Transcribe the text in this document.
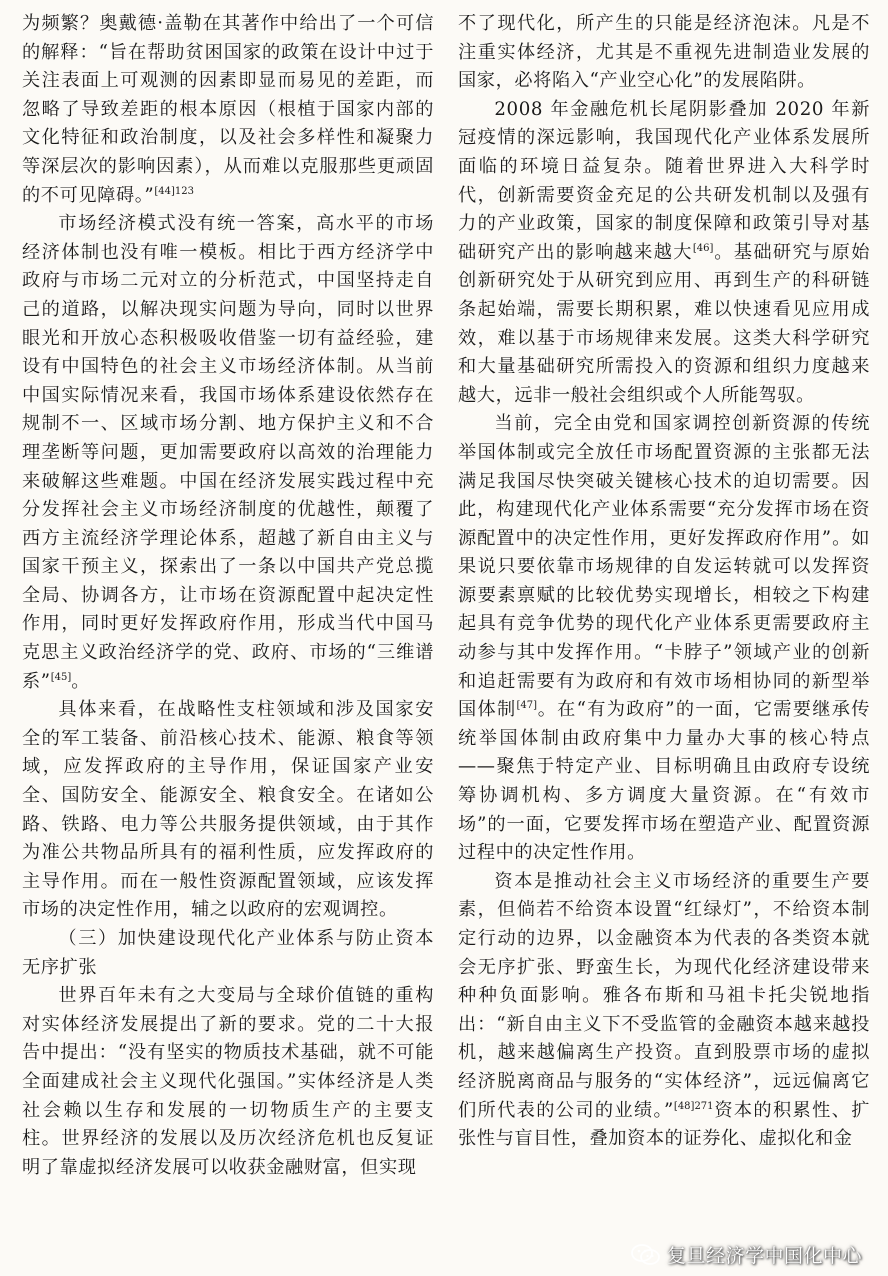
为频繁？奥戴德·盖勒在其著作中给出了一个可信的解释：“旨在帮助贫困国家的政策在设计中过于关注表面上可观测的因素即显而易见的差距，而忽略了导致差距的根本原因（根植于国家内部的文化特征和政治制度，以及社会多样性和凝聚力等深层次的影响因素），从而难以克服那些更顽固的不可见障碍。”$^{[44]123}$

市场经济模式没有统一答案，高水平的市场经济体制也没有唯一模板。相比于西方经济学中政府与市场二元对立的分析范式，中国坚持走自己的道路，以解决现实问题为导向，同时以世界眼光和开放心态积极吸收借鉴一切有益经验，建设有中国特色的社会主义市场经济体制。从当前中国实际情况来看，我国市场体系建设依然存在规制不一、区域市场分割、地方保护主义和不合理垄断等问题，更加需要政府以高效的治理能力来破解这些难题。中国在经济发展实践过程中充分发挥社会主义市场经济制度的优越性，颠覆了西方主流经济学理论体系，超越了新自由主义与国家干预主义，探索出了一条以中国共产党总揽全局、协调各方，让市场在资源配置中起决定性作用，同时更好发挥政府作用，形成当代中国马克思主义政治经济学的党、政府、市场的“三维谱系”[45]。

具体来看，在战略性支柱领域和涉及国家安全的军工装备、前沿核心技术、能源、粮食等领域，应发挥政府的主导作用，保证国家产业安全、国防安全、能源安全、粮食安全。在诸如公路、铁路、电力等公共服务提供领域，由于其作为准公共物品所具有的福利性质，应发挥政府的主导作用。而在一般性资源配置领域，应该发挥市场的决定性作用，辅之以政府的宏观调控。

（三）加快建设现代化产业体系与防止资本无序扩张

世界百年未有之大变局与全球价值链的重构对实体经济发展提出了新的要求。党的二十大报告中提出：“没有坚实的物质技术基础，就不可能全面建成社会主义现代化强国。”实体经济是人类社会赖以生存和发展的一切物质生产的主要支柱。世界经济的发展以及历次经济危机也反复证明了靠虚拟经济发展可以收获金融财富，但实现

不了现代化，所产生的只能是经济泡沫。凡是不注重实体经济，尤其是不重视先进制造业发展的国家，必将陷入“产业空心化”的发展陷阱。

2008 年金融危机长尾阴影叠加 2020 年新冠疫情的深远影响，我国现代化产业体系发展所面临的环境日益复杂。随着世界进入大科学时代，创新需要资金充足的公共研发机制以及强有力的产业政策，国家的制度保障和政策引导对基础研究产出的影响越来越大[46]。基础研究与原始创新研究处于从研究到应用、再到生产的科研链条起始端，需要长期积累，难以快速看见应用成效，难以基于市场规律来发展。这类大科学研究和大量基础研究所需投入的资源和组织力度越来越大，远非一般社会组织或个人所能驾驭。

当前，完全由党和国家调控创新资源的传统举国体制或完全放任市场配置资源的主张都无法满足我国尽快突破关键核心技术的迫切需要。因此，构建现代化产业体系需要“充分发挥市场在资源配置中的决定性作用，更好发挥政府作用”。如果说只要依靠市场规律的自发运转就可以发挥资源要素禀赋的比较优势实现增长，相较之下构建起具有竞争优势的现代化产业体系更需要政府主动参与其中发挥作用。“卡脖子”领域产业的创新和追赶需要有为政府和有效市场相协同的新型举国体制[47]。在“有为政府”的一面，它需要继承传统举国体制由政府集中力量办大事的核心特点——聚焦于特定产业、目标明确且由政府专设统筹协调机构、多方调度大量资源。在“有效市场”的一面，它要发挥市场在塑造产业、配置资源过程中的决定性作用。

资本是推动社会主义市场经济的重要生产要素，但倘若不给资本设置“红绿灯”，不给资本制定行动的边界，以金融资本为代表的各类资本就会无序扩张、野蛮生长，为现代化经济建设带来种种负面影响。雅各布斯和马祖卡托尖锐地指出：“新自由主义下不受监管的金融资本越来越投机，越来越偏离生产投资。直到股票市场的虚拟经济脱离商品与服务的“实体经济”，远远偏离它们所代表的公司的业绩。”$^{[48]271}$资本的积累性、扩张性与盲目性，叠加资本的证券化、虚拟化和金

复旦经济学中国化中心
